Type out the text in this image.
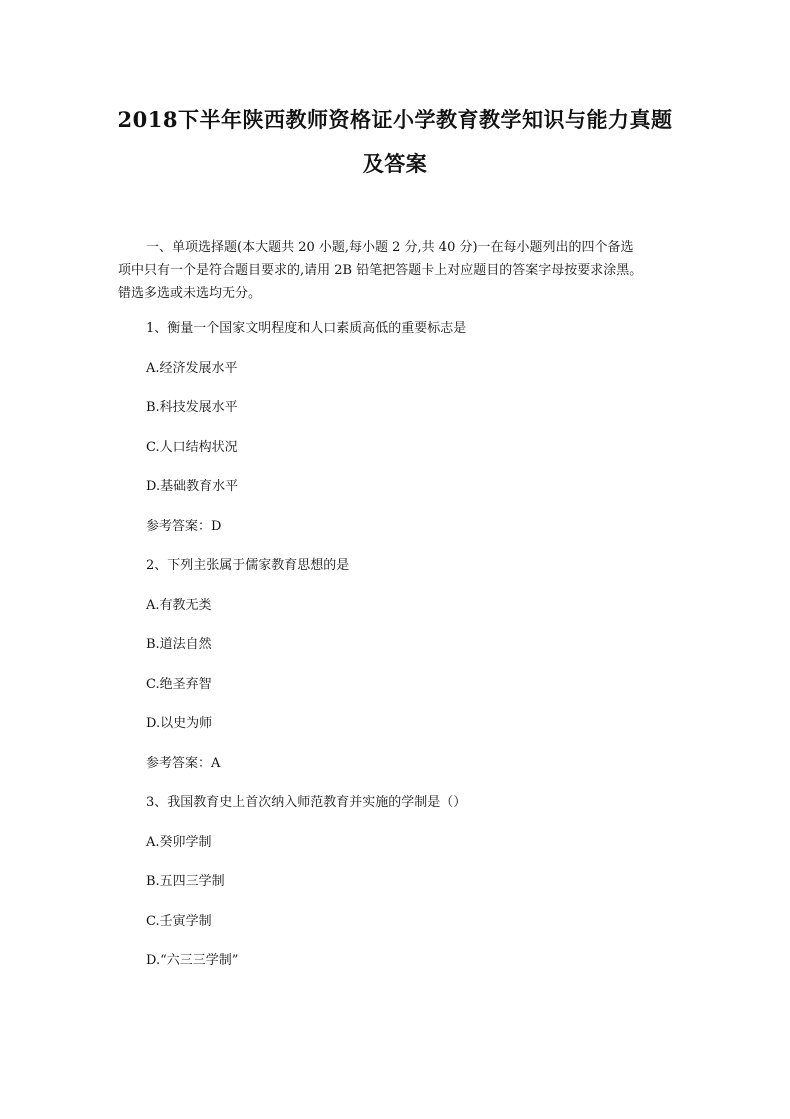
2018下半年陕西教师资格证小学教育教学知识与能力真题
及答案

一、单项选择题(本大题共 20 小题,每小题 2 分,共 40 分)一在每小题列出的四个备选
项中只有一个是符合题目要求的,请用 2B 铅笔把答题卡上对应题目的答案字母按要求涂黑。
错选多选或未选均无分。

1、衡量一个国家文明程度和人口素质高低的重要标志是

A.经济发展水平

B.科技发展水平

C.人口结构状况

D.基础教育水平

参考答案：D

2、下列主张属于儒家教育思想的是

A.有教无类

B.道法自然

C.绝圣弃智

D.以史为师

参考答案：A

3、我国教育史上首次纳入师范教育并实施的学制是（）

A.癸卯学制

B.五四三学制

C.壬寅学制

D.“六三三学制”
